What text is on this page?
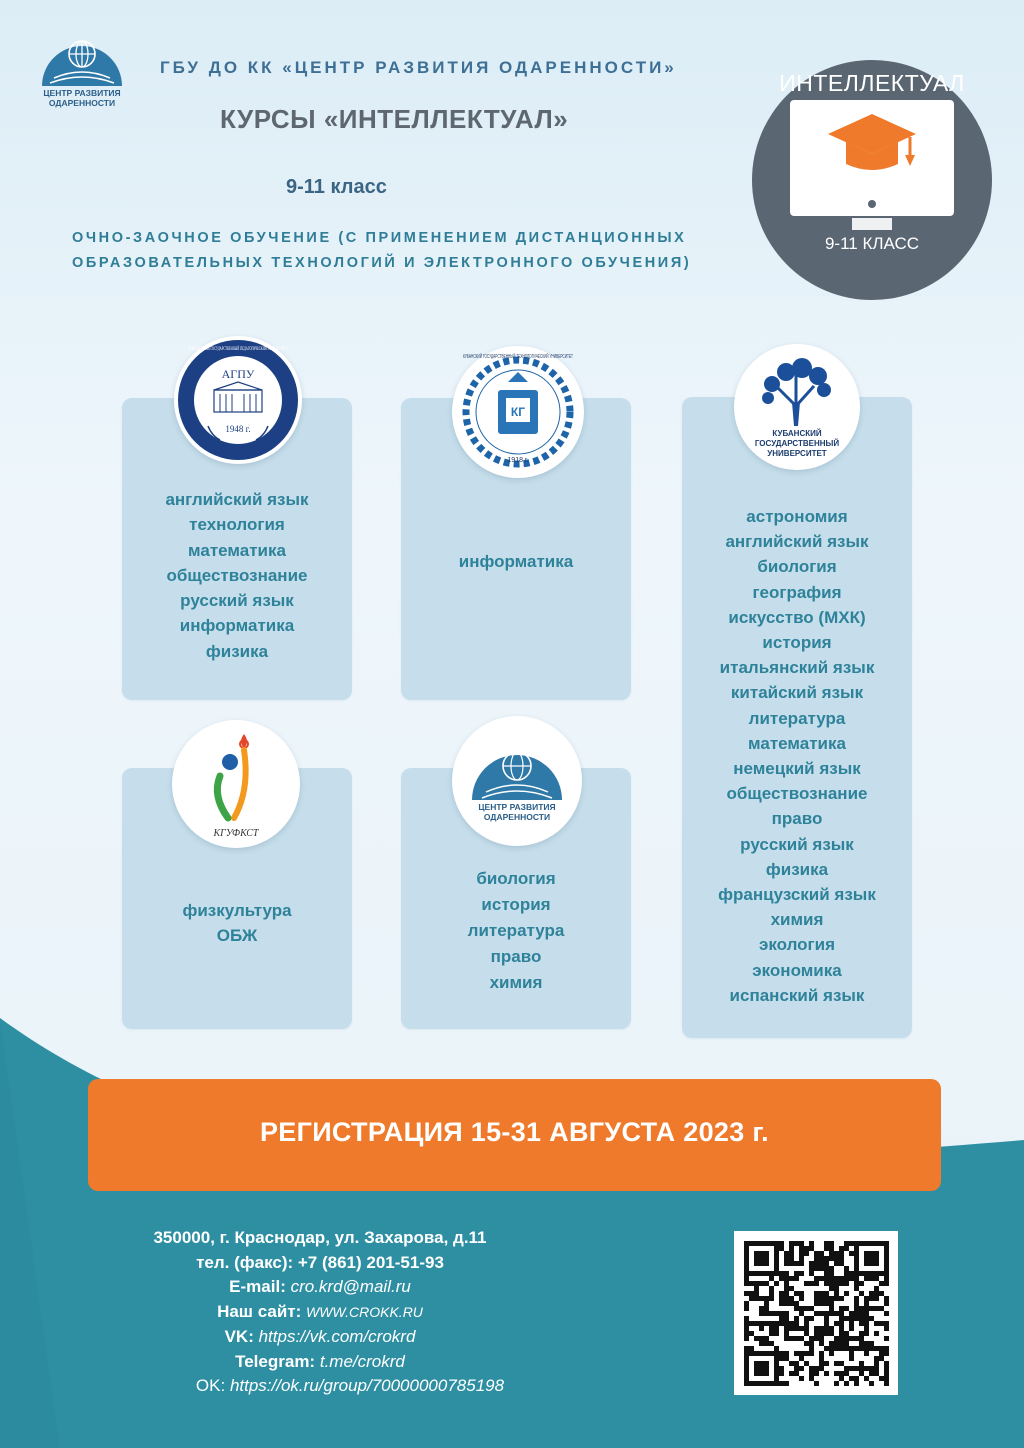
ЦЕНТР РАЗВИТИЯ
ОДАРЕННОСТИ
ГБУ ДО КК «ЦЕНТР РАЗВИТИЯ ОДАРЕННОСТИ»
КУРСЫ «ИНТЕЛЛЕКТУАЛ»
9-11 класс
ОЧНО-ЗАОЧНОЕ ОБУЧЕНИЕ (С ПРИМЕНЕНИЕМ ДИСТАНЦИОННЫХ
ОБРАЗОВАТЕЛЬНЫХ ТЕХНОЛОГИЙ И ЭЛЕКТРОННОГО ОБУЧЕНИЯ)
ИНТЕЛЛЕКТУАЛ
9-11 КЛАСС
английский язык
технология
математика
обществознание
русский язык
информатика
физика
информатика
астрономия
английский язык
биология
география
искусство (МХК)
история
итальянский язык
китайский язык
литература
математика
немецкий язык
обществознание
право
русский язык
физика
французский язык
химия
экология
экономика
испанский язык
физкультура
ОБЖ
биология
история
литература
право
химия
АГПУ
1948 г.
АРМАВИРСКИЙ ГОСУДАРСТВЕННЫЙ ПЕДАГОГИЧЕСКИЙ УНИВЕРСИТЕТ
КГ
1918 г.
КУБАНСКИЙ ГОСУДАРСТВЕННЫЙ ТЕХНОЛОГИЧЕСКИЙ УНИВЕРСИТЕТ
КУБАНСКИЙ
ГОСУДАРСТВЕННЫЙ
УНИВЕРСИТЕТ
КГУФКСТ
ЦЕНТР РАЗВИТИЯ
ОДАРЕННОСТИ
РЕГИСТРАЦИЯ 15-31 АВГУСТА 2023 г.
350000, г. Краснодар, ул. Захарова, д.11
тел. (факс): +7 (861) 201-51-93
E-mail: cro.krd@mail.ru
Наш сайт: WWW.CROKK.RU
VK: https://vk.com/crokrd
Telegram: t.me/crokrd
OK: https://ok.ru/group/70000000785198
